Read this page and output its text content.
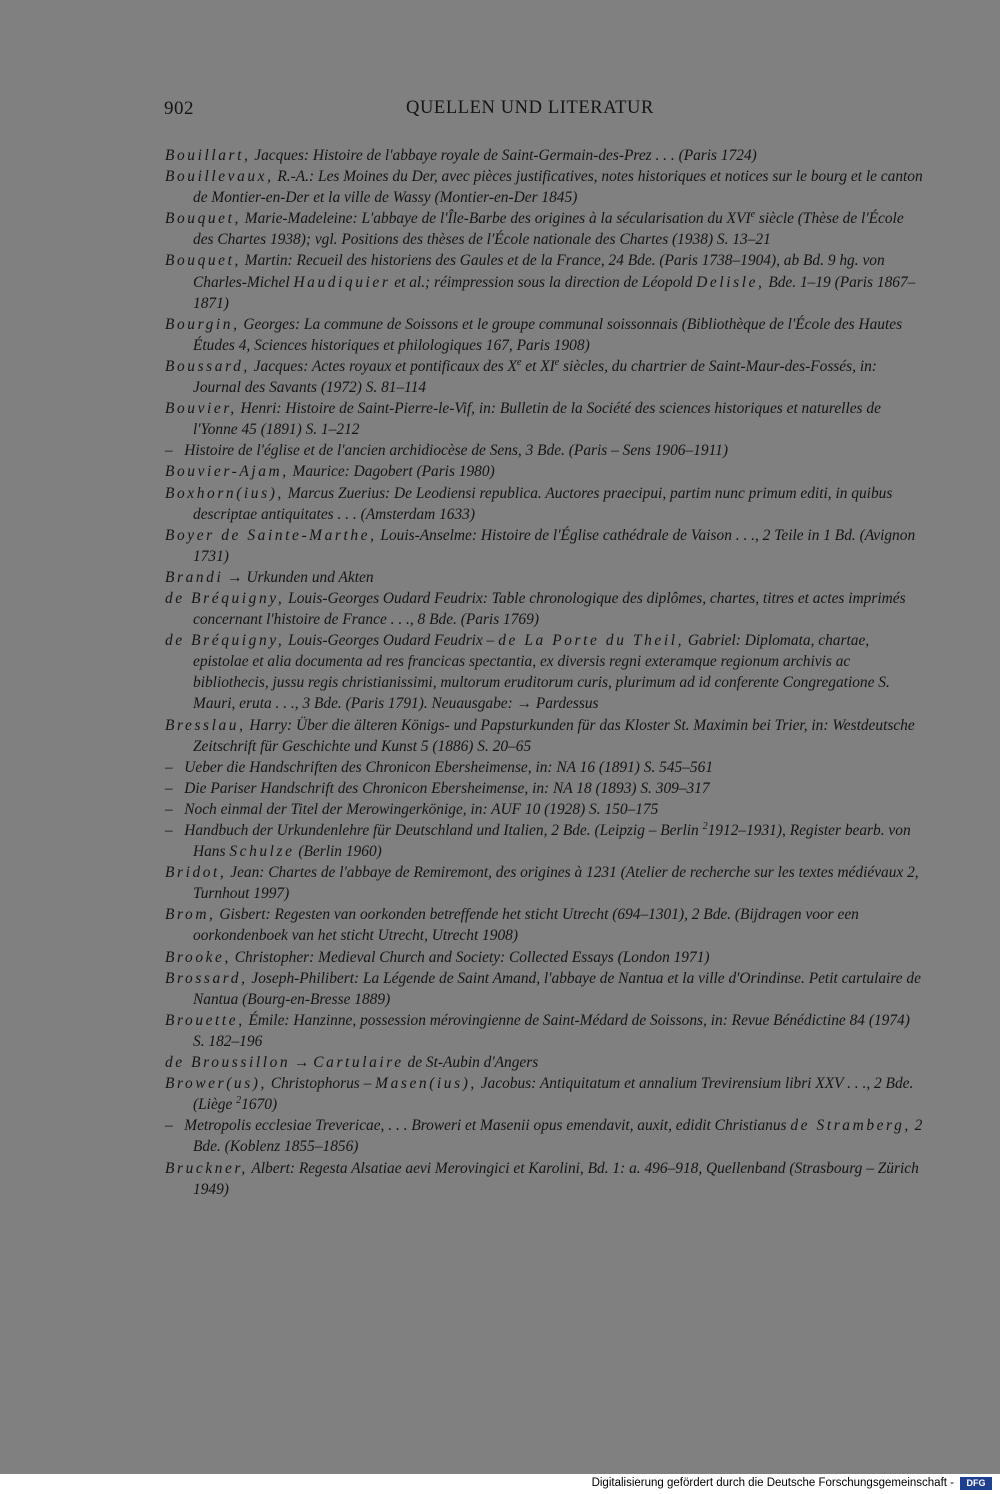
902	QUELLEN UND LITERATUR

Bouillart, Jacques: Histoire de l'abbaye royale de Saint-Germain-des-Prez . . . (Paris 1724)

Bouillevaux, R.-A.: Les Moines du Der, avec pièces justificatives, notes historiques et notices sur le bourg et le canton de Montier-en-Der et la ville de Wassy (Montier-en-Der 1845)

Bouquet, Marie-Madeleine: L'abbaye de l'Île-Barbe des origines à la sécularisation du XVIe siècle (Thèse de l'École des Chartes 1938); vgl. Positions des thèses de l'École nationale des Chartes (1938) S. 13–21

Bouquet, Martin: Recueil des historiens des Gaules et de la France, 24 Bde. (Paris 1738–1904), ab Bd. 9 hg. von Charles-Michel Haudiquier et al.; réimpression sous la direction de Léopold Delisle, Bde. 1–19 (Paris 1867–1871)

Bourgin, Georges: La commune de Soissons et le groupe communal soissonnais (Bibliothèque de l'École des Hautes Études 4, Sciences historiques et philologiques 167, Paris 1908)

Boussard, Jacques: Actes royaux et pontificaux des Xe et XIe siècles, du chartrier de Saint-Maur-des-Fossés, in: Journal des Savants (1972) S. 81–114

Bouvier, Henri: Histoire de Saint-Pierre-le-Vif, in: Bulletin de la Société des sciences historiques et naturelles de l'Yonne 45 (1891) S. 1–212

– Histoire de l'église et de l'ancien archidiocèse de Sens, 3 Bde. (Paris – Sens 1906–1911)

Bouvier-Ajam, Maurice: Dagobert (Paris 1980)

Boxhorn(ius), Marcus Zuerius: De Leodiensi republica. Auctores praecipui, partim nunc primum editi, in quibus descriptae antiquitates . . . (Amsterdam 1633)

Boyer de Sainte-Marthe, Louis-Anselme: Histoire de l'Église cathédrale de Vaison . . ., 2 Teile in 1 Bd. (Avignon 1731)

Brandi → Urkunden und Akten

de Bréquigny, Louis-Georges Oudard Feudrix: Table chronologique des diplômes, chartes, titres et actes imprimés concernant l'histoire de France . . ., 8 Bde. (Paris 1769)

de Bréquigny, Louis-Georges Oudard Feudrix – de La Porte du Theil, Gabriel: Diplomata, chartae, epistolae et alia documenta ad res francicas spectantia, ex diversis regni exteramque regionum archivis ac bibliothecis, jussu regis christianissimi, multorum eruditorum curis, plurimum ad id conferente Congregatione S. Mauri, eruta . . ., 3 Bde. (Paris 1791). Neuausgabe: → Pardessus

Bresslau, Harry: Über die älteren Königs- und Papsturkunden für das Kloster St. Maximin bei Trier, in: Westdeutsche Zeitschrift für Geschichte und Kunst 5 (1886) S. 20–65

– Ueber die Handschriften des Chronicon Ebersheimense, in: NA 16 (1891) S. 545–561

– Die Pariser Handschrift des Chronicon Ebersheimense, in: NA 18 (1893) S. 309–317

– Noch einmal der Titel der Merowingerkönige, in: AUF 10 (1928) S. 150–175

– Handbuch der Urkundenlehre für Deutschland und Italien, 2 Bde. (Leipzig – Berlin $^2$1912–1931), Register bearb. von Hans Schulze (Berlin 1960)

Bridot, Jean: Chartes de l'abbaye de Remiremont, des origines à 1231 (Atelier de recherche sur les textes médiévaux 2, Turnhout 1997)

Brom, Gisbert: Regesten van oorkonden betreffende het sticht Utrecht (694–1301), 2 Bde. (Bijdragen voor een oorkondenboek van het sticht Utrecht, Utrecht 1908)

Brooke, Christopher: Medieval Church and Society: Collected Essays (London 1971)

Brossard, Joseph-Philibert: La Légende de Saint Amand, l'abbaye de Nantua et la ville d'Orindinse. Petit cartulaire de Nantua (Bourg-en-Bresse 1889)

Brouette, Émile: Hanzinne, possession mérovingienne de Saint-Médard de Soissons, in: Revue Bénédictine 84 (1974) S. 182–196

de Broussillon → Cartulaire de St-Aubin d'Angers

Brower(us), Christophorus – Masen(ius), Jacobus: Antiquitatum et annalium Trevirensium libri XXV . . ., 2 Bde. (Liège $^2$1670)

– Metropolis ecclesiae Trevericae, . . . Broweri et Masenii opus emendavit, auxit, edidit Christianus de Stramberg, 2 Bde. (Koblenz 1855–1856)

Bruckner, Albert: Regesta Alsatiae aevi Merovingici et Karolini, Bd. 1: a. 496–918, Quellenband (Strasbourg – Zürich 1949)

Digitalisierung gefördert durch die Deutsche Forschungsgemeinschaft -	DFG
